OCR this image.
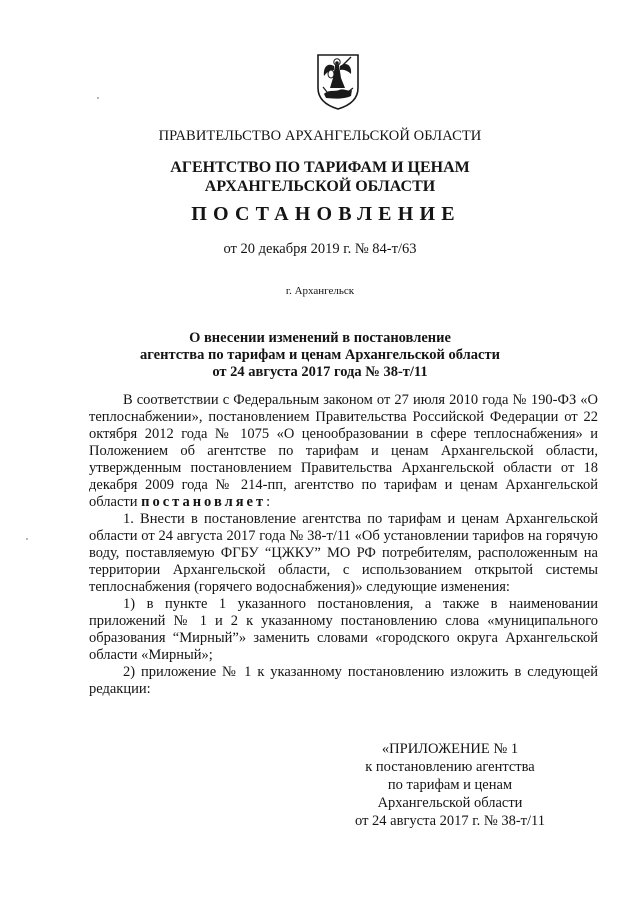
ПРАВИТЕЛЬСТВО АРХАНГЕЛЬСКОЙ ОБЛАСТИ
АГЕНТСТВО ПО ТАРИФАМ И ЦЕНАМ
АРХАНГЕЛЬСКОЙ ОБЛАСТИ
ПОСТАНОВЛЕНИЕ
от 20 декабря 2019 г. № 84-т/63
г. Архангельск
О внесении изменений в постановление
агентства по тарифам и ценам Архангельской области
от 24 августа 2017 года № 38-т/11

В соответствии с Федеральным законом от 27 июля 2010 года № 190-ФЗ «О теплоснабжении», постановлением Правительства Российской Федерации от 22 октября 2012 года № 1075 «О ценообразовании в сфере теплоснабжения» и Положением об агентстве по тарифам и ценам Архангельской области, утвержденным постановлением Правительства Архангельской области от 18 декабря 2009 года № 214-пп, агентство по тарифам и ценам Архангельской области постановляет:

1. Внести в постановление агентства по тарифам и ценам Архангельской области от 24 августа 2017 года № 38-т/11 «Об установлении тарифов на горячую воду, поставляемую ФГБУ “ЦЖКУ” МО РФ потребителям, расположенным на территории Архангельской области, с использованием открытой системы теплоснабжения (горячего водоснабжения)» следующие изменения:

1) в пункте 1 указанного постановления, а также в наименовании приложений № 1 и 2 к указанному постановлению слова «муниципального образования “Мирный”» заменить словами «городского округа Архангельской области «Мирный»;

2) приложение № 1 к указанному постановлению изложить в следующей редакции:

«ПРИЛОЖЕНИЕ № 1
к постановлению агентства
по тарифам и ценам
Архангельской области
от 24 августа 2017 г. № 38-т/11
